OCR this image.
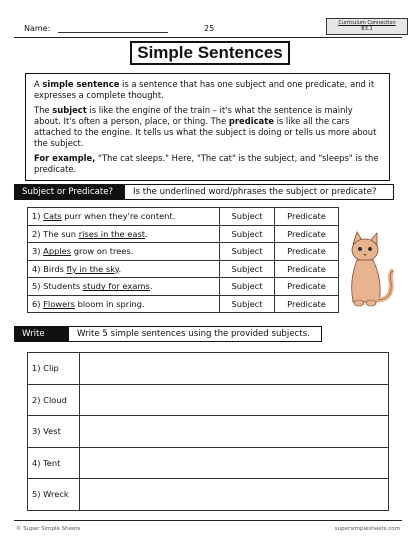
Name:	25
Curriculum Connection
B3.1
Simple Sentences

A simple sentence is a sentence that has one subject and one predicate, and it expresses a complete thought.

The subject is like the engine of the train – it's what the sentence is mainly about. It's often a person, place, or thing. The predicate is like all the cars attached to the engine. It tells us what the subject is doing or tells us more about the subject.

For example, "The cat sleeps." Here, "The cat" is the subject, and "sleeps" is the predicate.

Subject or Predicate?	Is the underlined word/phrases the subject or predicate?
1) Cats purr when they're content.	Subject	Predicate
2) The sun rises in the east.	Subject	Predicate
3) Apples grow on trees.	Subject	Predicate
4) Birds fly in the sky.	Subject	Predicate
5) Students study for exams.	Subject	Predicate
6) Flowers bloom in spring.	Subject	Predicate
Write	Write 5 simple sentences using the provided subjects.
1) Clip	
2) Cloud	
3) Vest	
4) Tent	
5) Wreck	
© Super Simple Sheets	supersimplesheets.com
